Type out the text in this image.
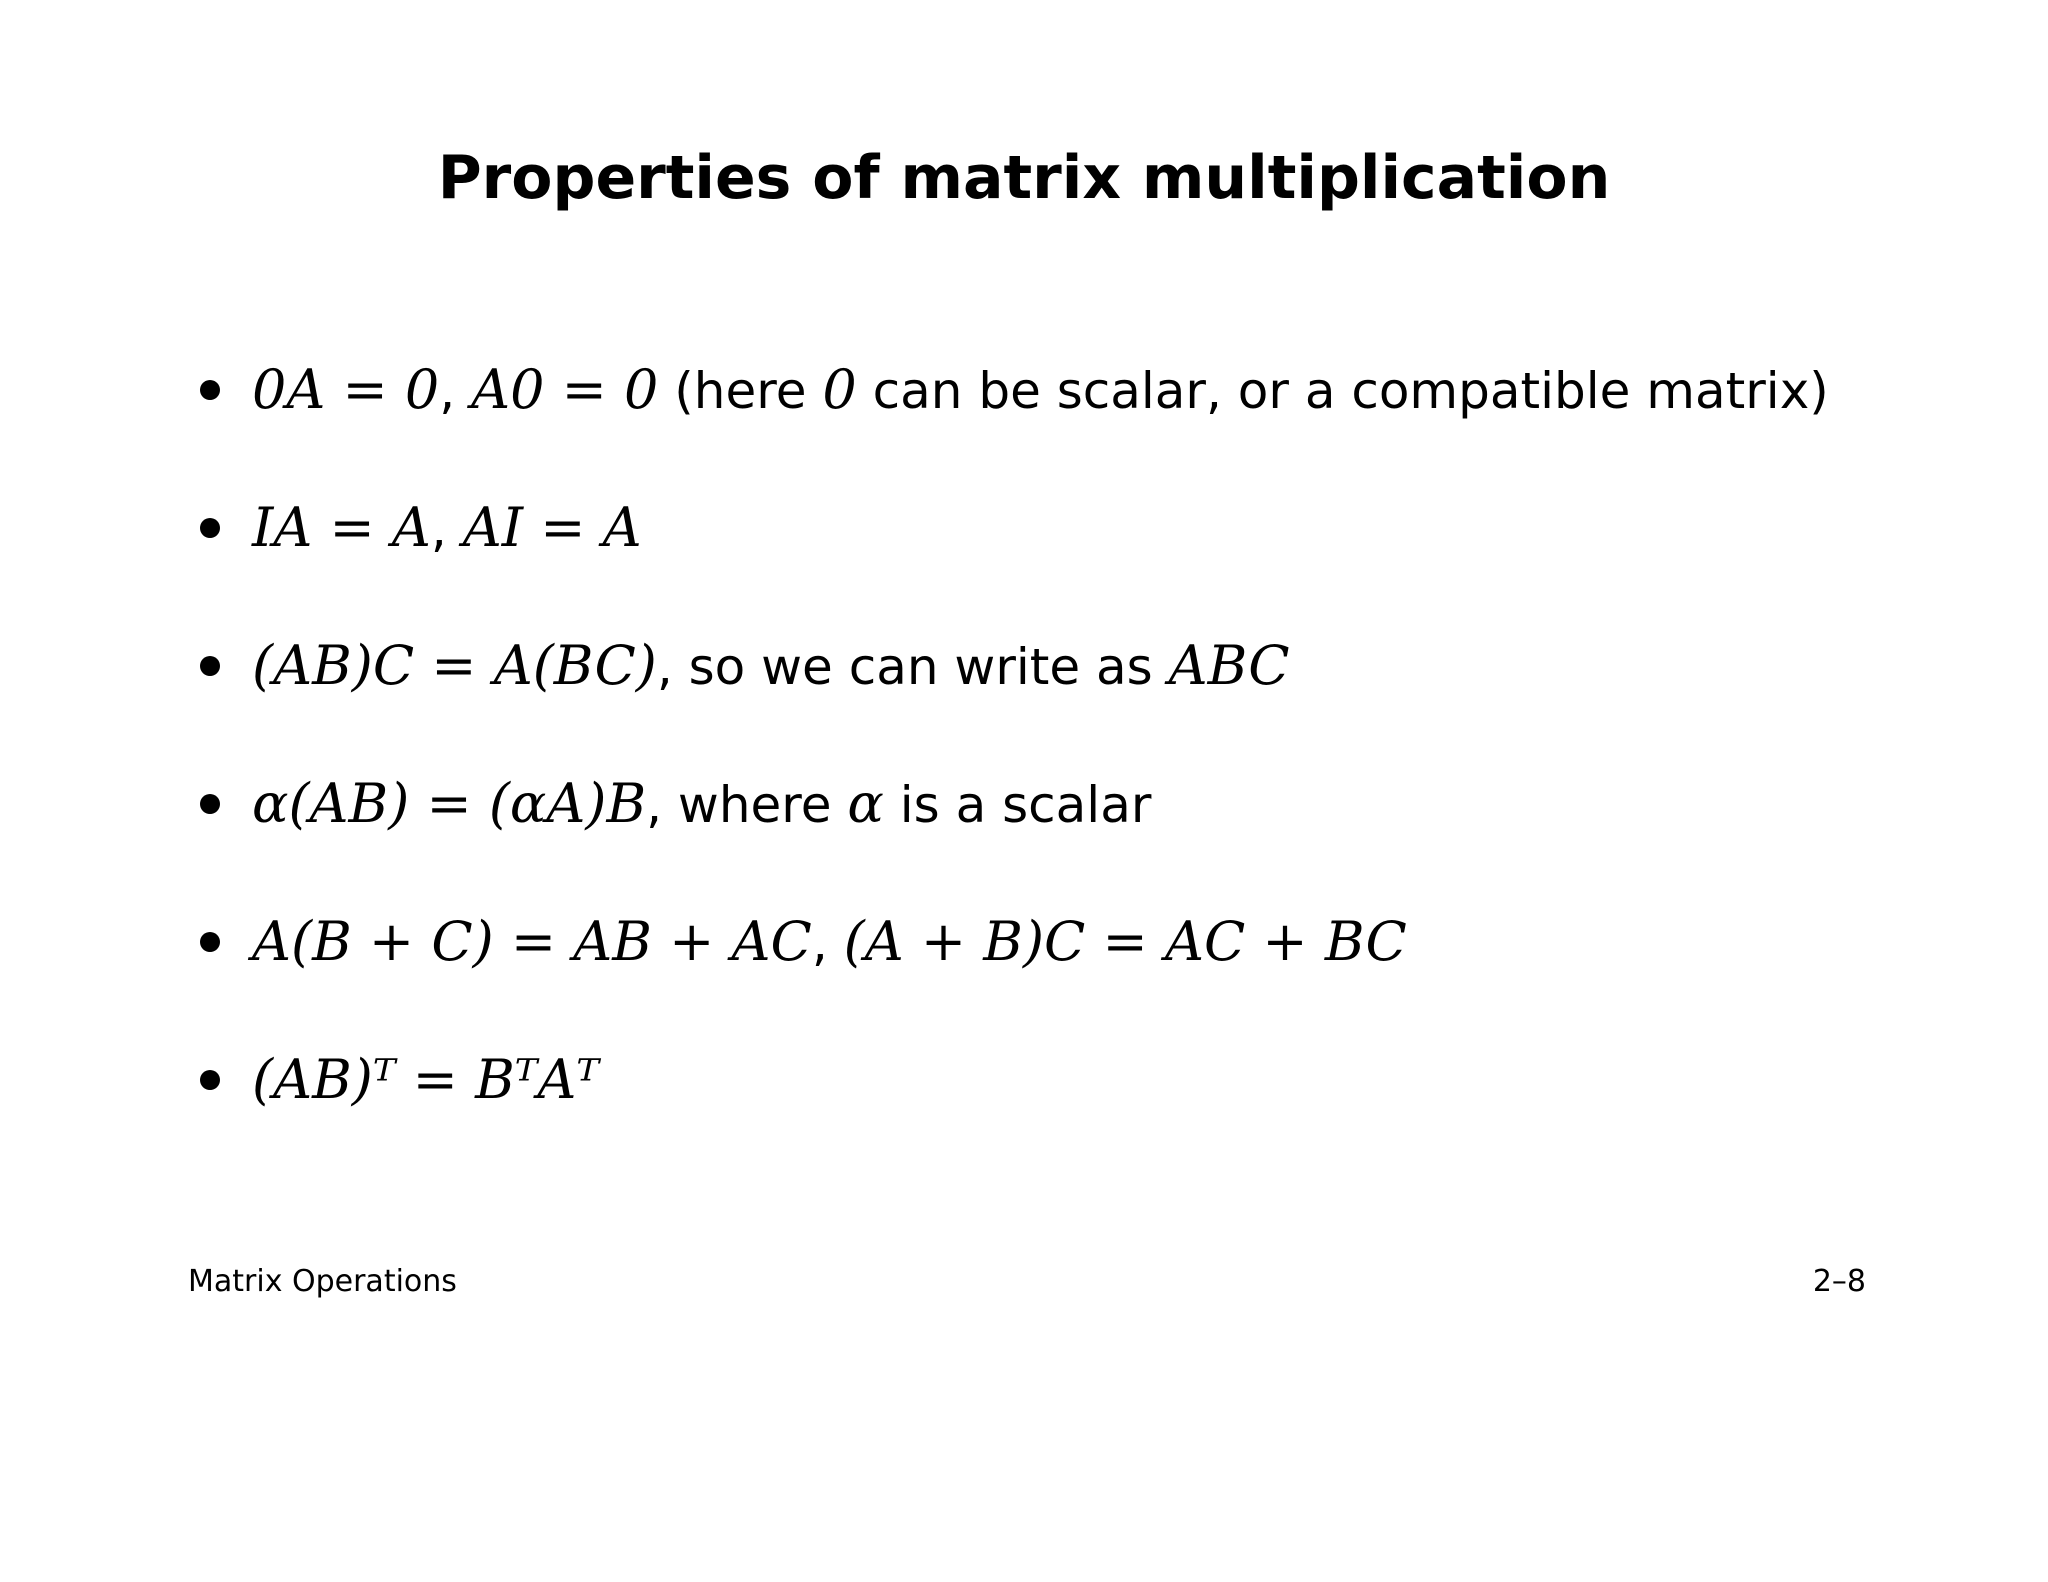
Properties of matrix multiplication
0A = 0, A0 = 0 (here 0 can be scalar, or a compatible matrix)
IA = A, AI = A
(AB)C = A(BC), so we can write as ABC
α(AB) = (αA)B, where α is a scalar
A(B + C) = AB + AC, (A + B)C = AC + BC
(AB)ᵀ = BᵀAᵀ
Matrix Operations	2–8
